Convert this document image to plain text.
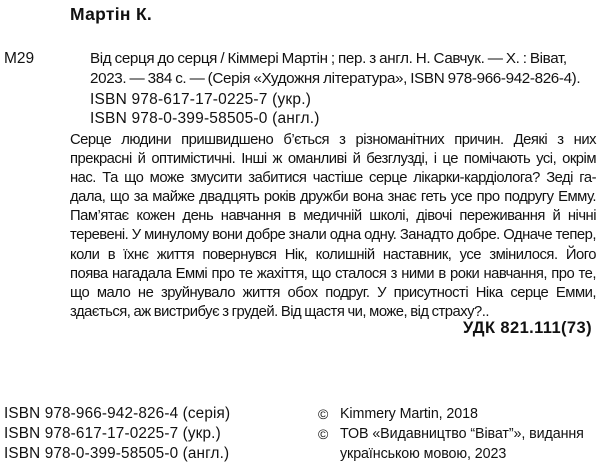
Мартін К.
М29	Від серця до серця / Кіммері Мартін ; пер. з англ. Н. Савчук. — Х. : Віват,
2023. — 384 с. — (Серія «Художня література», ISBN 978-966-942-826-4).
ISBN 978-617-17-0225-7 (укр.)
ISBN 978-0-399-58505-0 (англ.)
Серце людини пришвидшено б’ється з різноманітних причин. Деякі з них
прекрасні й оптимістичні. Інші ж оманливі й безглузді, і це помічають усі, окрім
нас. Та що може змусити забитися частіше серце лікарки-кардіолога? Зеді га-
дала, що за майже двадцять років дружби вона знає геть усе про подругу Емму.
Пам’ятає кожен день навчання в медичній школі, дівочі переживання й нічні
теревені. У минулому вони добре знали одна одну. Занадто добре. Одначе тепер,
коли в їхнє життя повернувся Нік, колишній наставник, усе змінилося. Його
поява нагадала Еммі про те жахіття, що сталося з ними в роки навчання, про те,
що мало не зруйнувало життя обох подруг. У присутності Ніка серце Емми,
здається, аж вистрибує з грудей. Від щастя чи, може, від страху?..
УДК 821.111(73)
ISBN 978-966-942-826-4 (серія)
ISBN 978-617-17-0225-7 (укр.)
ISBN 978-0-399-58505-0 (англ.)
© Kimmery Martin, 2018
© ТОВ «Видавництво “Віват”», видання
українською мовою, 2023
